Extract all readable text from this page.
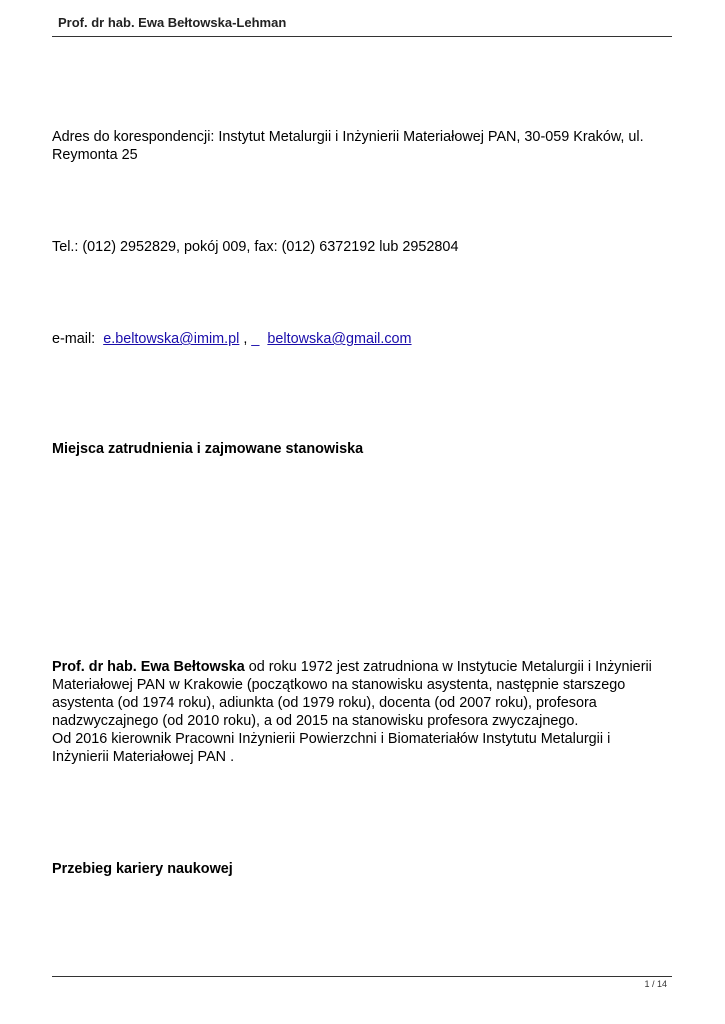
Prof. dr hab. Ewa Bełtowska-Lehman
Adres do korespondencji: Instytut Metalurgii i Inżynierii Materiałowej PAN, 30-059 Kraków, ul.
Reymonta 25
Tel.: (012) 2952829, pokój 009, fax: (012) 6372192 lub 2952804
e-mail: e.beltowska@imim.pl , _ beltowska@gmail.com
Miejsca zatrudnienia i zajmowane stanowiska
Prof. dr hab. Ewa Bełtowska od roku 1972 jest zatrudniona w Instytucie Metalurgii i Inżynierii
Materiałowej PAN w Krakowie (początkowo na stanowisku asystenta, następnie starszego
asystenta (od 1974 roku), adiunkta (od 1979 roku), docenta (od 2007 roku), profesora
nadzwyczajnego (od 2010 roku), a od 2015 na stanowisku profesora zwyczajnego.
Od 2016 kierownik Pracowni Inżynierii Powierzchni i Biomateriałów Instytutu Metalurgii i
Inżynierii Materiałowej PAN .
Przebieg kariery naukowej
1 / 14
